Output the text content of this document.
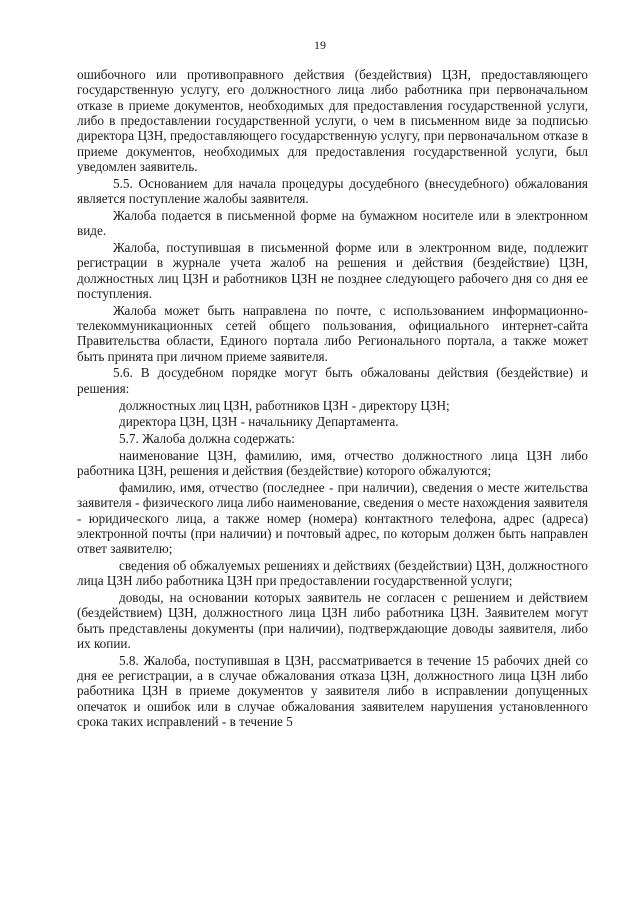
19

ошибочного или противоправного действия (бездействия) ЦЗН, предоставляющего государственную услугу, его должностного лица либо работника при первоначальном отказе в приеме документов, необходимых для предоставления государственной услуги, либо в предоставлении государственной услуги, о чем в письменном виде за подписью директора ЦЗН, предоставляющего государственную услугу, при первоначальном отказе в приеме документов, необходимых для предоставления государственной услуги, был уведомлен заявитель.

5.5. Основанием для начала процедуры досудебного (внесудебного) обжалования является поступление жалобы заявителя.

Жалоба подается в письменной форме на бумажном носителе или в электронном виде.

Жалоба, поступившая в письменной форме или в электронном виде, подлежит регистрации в журнале учета жалоб на решения и действия (бездействие) ЦЗН, должностных лиц ЦЗН и работников ЦЗН не позднее следующего рабочего дня со дня ее поступления.

Жалоба может быть направлена по почте, с использованием информационно-телекоммуникационных сетей общего пользования, официального интернет-сайта Правительства области, Единого портала либо Регионального портала, а также может быть принята при личном приеме заявителя.

5.6. В досудебном порядке могут быть обжалованы действия (бездействие) и решения:

должностных лиц ЦЗН, работников ЦЗН - директору ЦЗН;

директора ЦЗН, ЦЗН - начальнику Департамента.

5.7. Жалоба должна содержать:

наименование ЦЗН, фамилию, имя, отчество должностного лица ЦЗН либо работника ЦЗН, решения и действия (бездействие) которого обжалуются;

фамилию, имя, отчество (последнее - при наличии), сведения о месте жительства заявителя - физического лица либо наименование, сведения о месте нахождения заявителя - юридического лица, а также номер (номера) контактного телефона, адрес (адреса) электронной почты (при наличии) и почтовый адрес, по которым должен быть направлен ответ заявителю;

сведения об обжалуемых решениях и действиях (бездействии) ЦЗН, должностного лица ЦЗН либо работника ЦЗН при предоставлении государственной услуги;

доводы, на основании которых заявитель не согласен с решением и действием (бездействием) ЦЗН, должностного лица ЦЗН либо работника ЦЗН. Заявителем могут быть представлены документы (при наличии), подтверждающие доводы заявителя, либо их копии.

5.8. Жалоба, поступившая в ЦЗН, рассматривается в течение 15 рабочих дней со дня ее регистрации, а в случае обжалования отказа ЦЗН, должностного лица ЦЗН либо работника ЦЗН в приеме документов у заявителя либо в исправлении допущенных опечаток и ошибок или в случае обжалования заявителем нарушения установленного срока таких исправлений - в течение 5
